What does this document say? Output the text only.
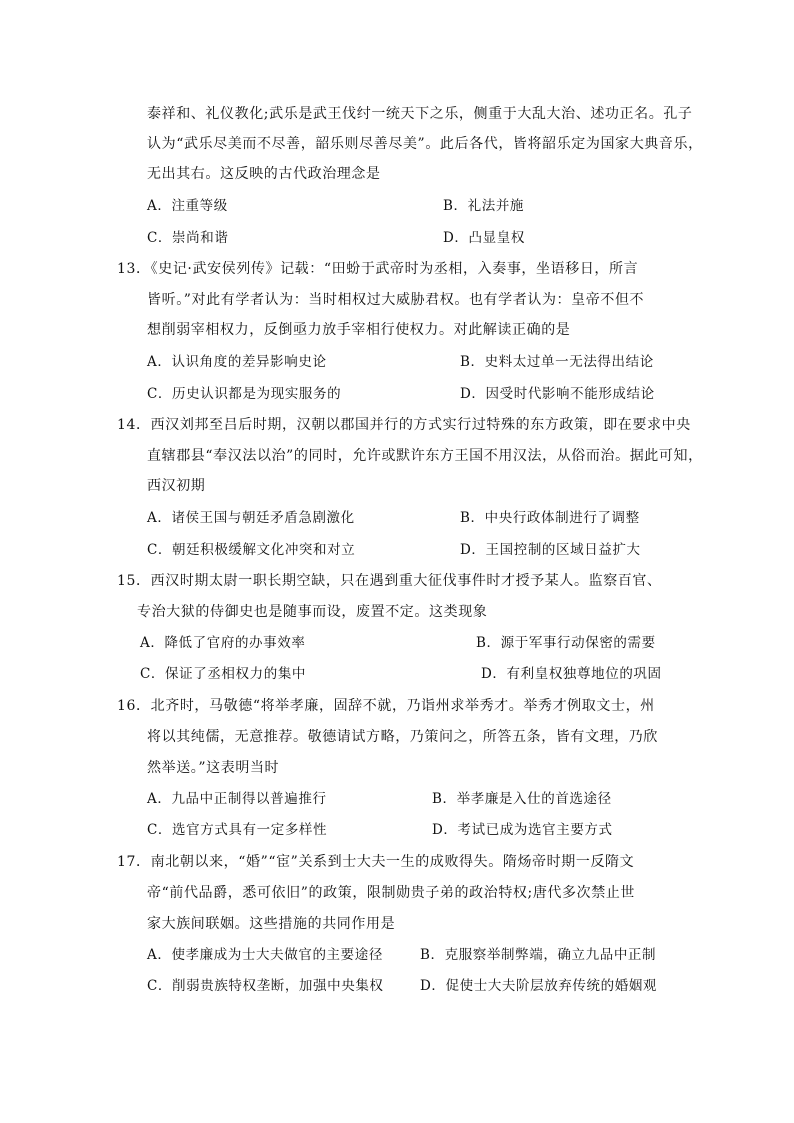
泰祥和、礼仪教化;武乐是武王伐纣一统天下之乐，侧重于大乱大治、述功正名。孔子
认为“武乐尽美而不尽善，韶乐则尽善尽美”。此后各代，皆将韶乐定为国家大典音乐，
无出其右。这反映的古代政治理念是
A．注重等级	B．礼法并施
C．崇尚和谐	D．凸显皇权
13．《史记·武安侯列传》记载：“田蚡于武帝时为丞相，入奏事，坐语移日，所言
皆听。”对此有学者认为：当时相权过大威胁君权。也有学者认为：皇帝不但不
想削弱宰相权力，反倒亟力放手宰相行使权力。对此解读正确的是
A．认识角度的差异影响史论	B．史料太过单一无法得出结论
C．历史认识都是为现实服务的	D．因受时代影响不能形成结论
14．西汉刘邦至吕后时期，汉朝以郡国并行的方式实行过特殊的东方政策，即在要求中央
直辖郡县“奉汉法以治”的同时，允许或默许东方王国不用汉法，从俗而治。据此可知，
西汉初期
A．诸侯王国与朝廷矛盾急剧激化	B．中央行政体制进行了调整
C．朝廷积极缓解文化冲突和对立	D．王国控制的区域日益扩大
15．西汉时期太尉一职长期空缺，只在遇到重大征伐事件时才授予某人。监察百官、
专治大狱的侍御史也是随事而设，废置不定。这类现象
A．降低了官府的办事效率	B．源于军事行动保密的需要
C．保证了丞相权力的集中	D．有利皇权独尊地位的巩固
16．北齐时，马敬德“将举孝廉，固辞不就，乃诣州求举秀才。举秀才例取文士，州
将以其纯儒，无意推荐。敬德请试方略，乃策问之，所答五条，皆有文理，乃欣
然举送。”这表明当时
A．九品中正制得以普遍推行	B．举孝廉是入仕的首选途径
C．选官方式具有一定多样性	D．考试已成为选官主要方式
17．南北朝以来，“婚”“宦”关系到士大夫一生的成败得失。隋炀帝时期一反隋文
帝“前代品爵，悉可依旧”的政策，限制勋贵子弟的政治特权;唐代多次禁止世
家大族间联姻。这些措施的共同作用是
A．使孝廉成为士大夫做官的主要途径	B．克服察举制弊端，确立九品中正制
C．削弱贵族特权垄断，加强中央集权	D．促使士大夫阶层放弃传统的婚姻观
